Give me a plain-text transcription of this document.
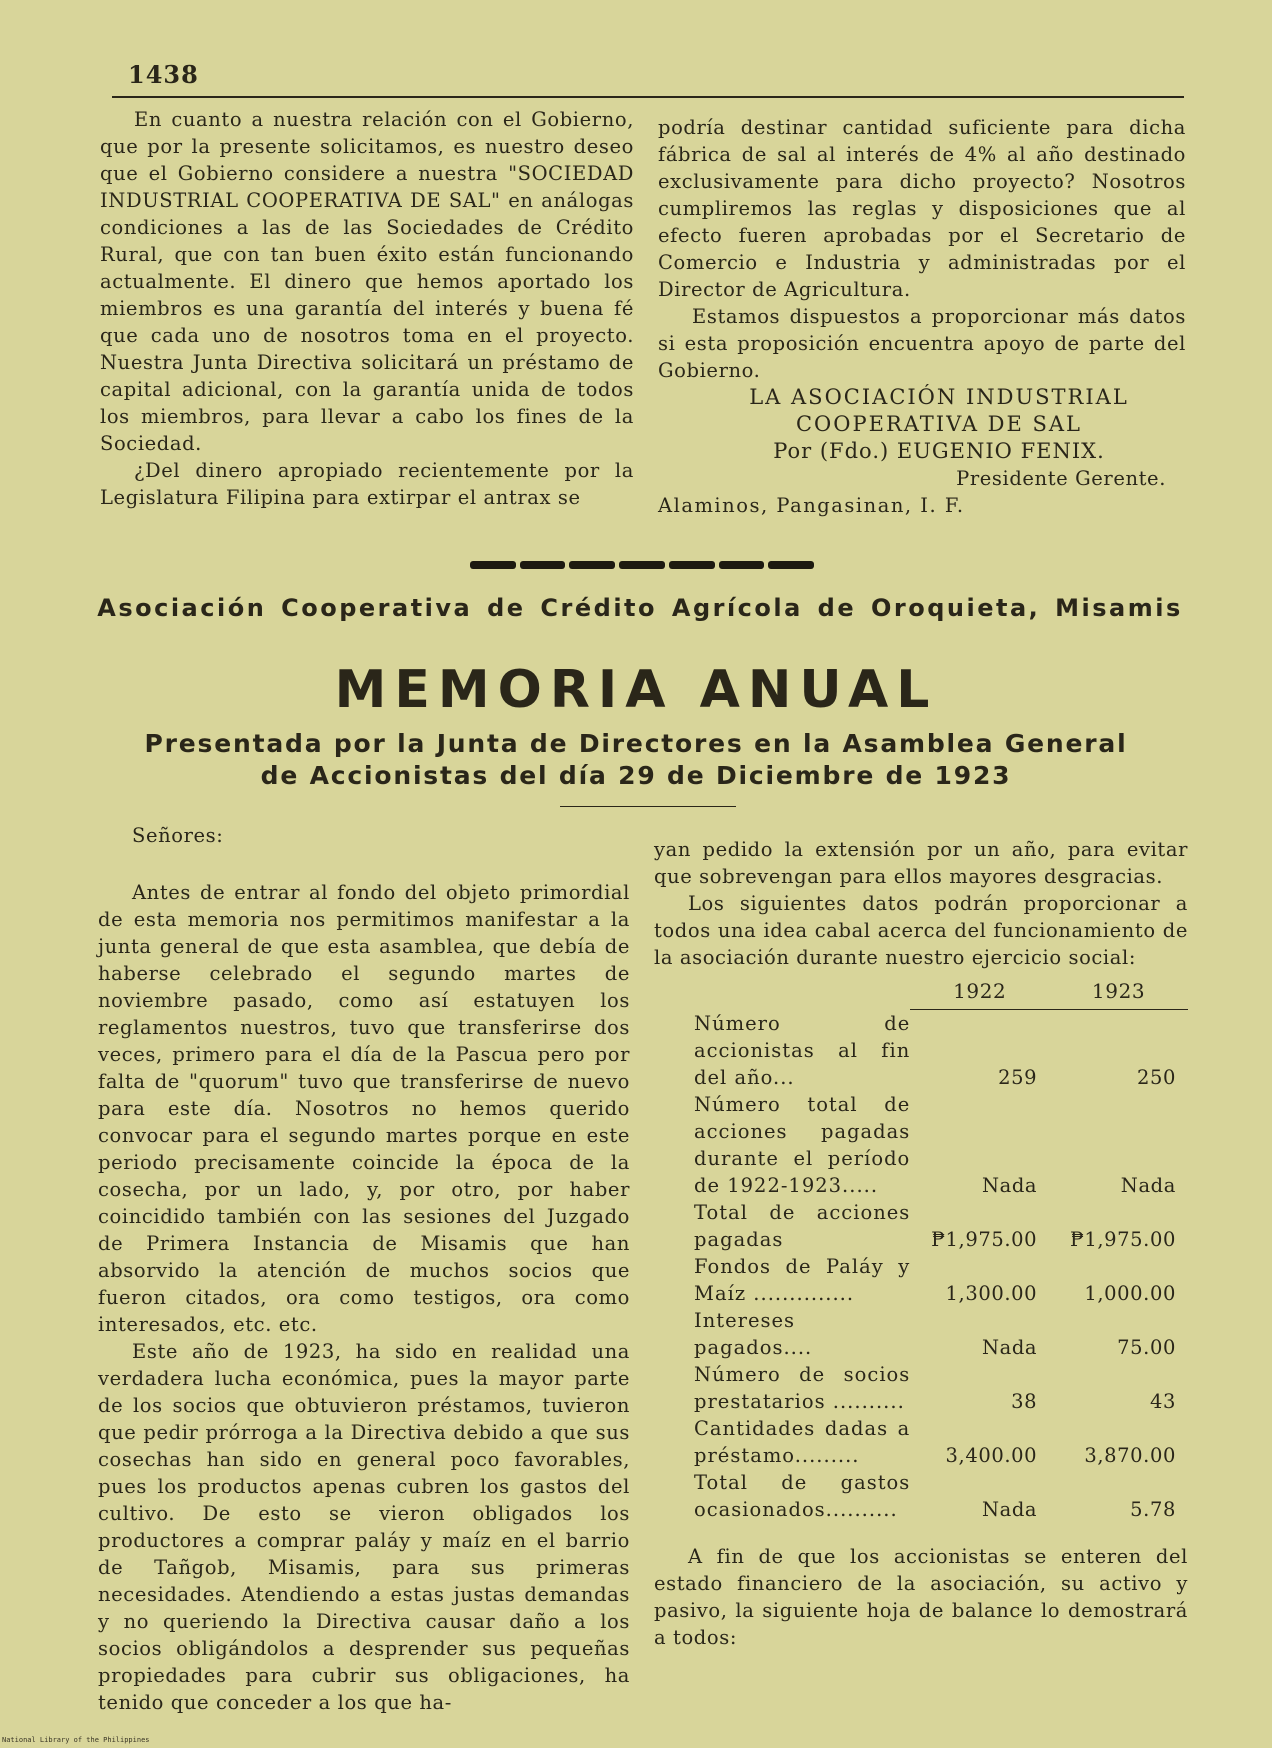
1438

En cuanto a nuestra relación con el Gobierno, que por la presente solicitamos, es nuestro deseo que el Gobierno considere a nuestra "SOCIEDAD INDUSTRIAL COOPERATIVA DE SAL" en análogas condiciones a las de las Sociedades de Crédito Rural, que con tan buen éxito están funcionando actualmente. El dinero que hemos aportado los miembros es una garantía del interés y buena fé que cada uno de nosotros toma en el proyecto. Nuestra Junta Directiva solicitará un préstamo de capital adicional, con la garantía unida de todos los miembros, para llevar a cabo los fines de la Sociedad.

¿Del dinero apropiado recientemente por la Legislatura Filipina para extirpar el antrax se

podría destinar cantidad suficiente para dicha fábrica de sal al interés de 4% al año destinado exclusivamente para dicho proyecto? Nosotros cumpliremos las reglas y disposiciones que al efecto fueren aprobadas por el Secretario de Comercio e Industria y administradas por el Director de Agricultura.

Estamos dispuestos a proporcionar más datos si esta proposición encuentra apoyo de parte del Gobierno.

LA ASOCIACIÓN INDUSTRIAL

COOPERATIVA DE SAL

Por (Fdo.) EUGENIO FENIX.

Presidente Gerente.

Alaminos, Pangasinan, I. F.

Asociación Cooperativa de Crédito Agrícola de Oroquieta, Misamis
MEMORIA ANUAL
Presentada por la Junta de Directores en la Asamblea General
de Accionistas del día 29 de Diciembre de 1923

Señores:

Antes de entrar al fondo del objeto primordial de esta memoria nos permitimos manifestar a la junta general de que esta asamblea, que debía de haberse celebrado el segundo martes de noviembre pasado, como así estatuyen los reglamentos nuestros, tuvo que transferirse dos veces, primero para el día de la Pascua pero por falta de "quorum" tuvo que transferirse de nuevo para este día. Nosotros no hemos querido convocar para el segundo martes porque en este periodo precisamente coincide la época de la cosecha, por un lado, y, por otro, por haber coincidido también con las sesiones del Juzgado de Primera Instancia de Misamis que han absorvido la atención de muchos socios que fueron citados, ora como testigos, ora como interesados, etc. etc.

Este año de 1923, ha sido en realidad una verdadera lucha económica, pues la mayor parte de los socios que obtuvieron préstamos, tuvieron que pedir prórroga a la Directiva debido a que sus cosechas han sido en general poco favorables, pues los productos apenas cubren los gastos del cultivo. De esto se vieron obligados los productores a comprar paláy y maíz en el barrio de Tañgob, Misamis, para sus primeras necesidades. Atendiendo a estas justas demandas y no queriendo la Directiva causar daño a los socios obligándolos a desprender sus pequeñas propiedades para cubrir sus obligaciones, ha tenido que conceder a los que ha-

yan pedido la extensión por un año, para evitar que sobrevengan para ellos mayores desgracias.

Los siguientes datos podrán proporcionar a todos una idea cabal acerca del funcionamiento de la asociación durante nuestro ejercicio social:

	1922	1923
Número de accionistas al fin del año...	259	250
Número total de acciones pagadas durante el período de 1922-1923.....	Nada	Nada
Total de acciones pagadas	₱1,975.00	₱1,975.00
Fondos de Paláy y Maíz ..............	1,300.00	1,000.00
Intereses pagados....	Nada	75.00
Número de socios prestatarios ..........	38	43
Cantidades dadas a préstamo.........	3,400.00	3,870.00
Total de gastos ocasionados..........	Nada	5.78

A fin de que los accionistas se enteren del estado financiero de la asociación, su activo y pasivo, la siguiente hoja de balance lo demostrará a todos:

National Library of the Philippines
